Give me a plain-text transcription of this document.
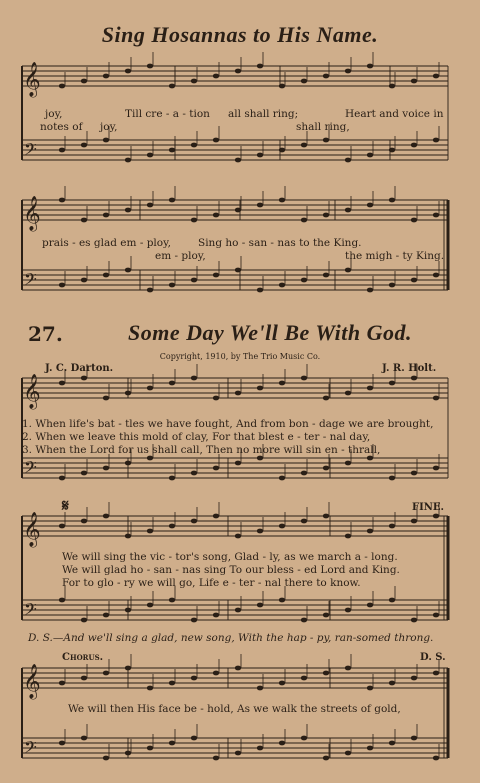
𝄞
𝄢
𝄞
𝄢
𝄞
𝄢
𝄞
𝄢
𝄞
𝄢
Sing Hosannas to His Name.
joy,	Till cre - a - tion all shall ring;	Heart and voice in
notes of joy,	shall ring,
prais - es glad em - ploy,	Sing ho - san - nas to the King.
em - ploy,	the migh - ty King.
27.	Some Day We'll Be With God.
Copyright, 1910, by The Trio Music Co.
J. C. Darton.	J. R. Holt.
1. When life's bat - tles we have fought, And from bon - dage we are brought,
2. When we leave this mold of clay, For that blest e - ter - nal day,
3. When the Lord for us shall call, Then no more will sin en - thrall,
𝄋	FINE.
We will sing the vic - tor's song, Glad - ly, as we march a - long.
We will glad ho - san - nas sing To our bless - ed Lord and King.
For to glo - ry we will go, Life e - ter - nal there to know.
D. S.—And we'll sing a glad, new song, With the hap - py, ran-somed throng.
Chorus.	D. S.
We will then His face be - hold, As we walk the streets of gold,
